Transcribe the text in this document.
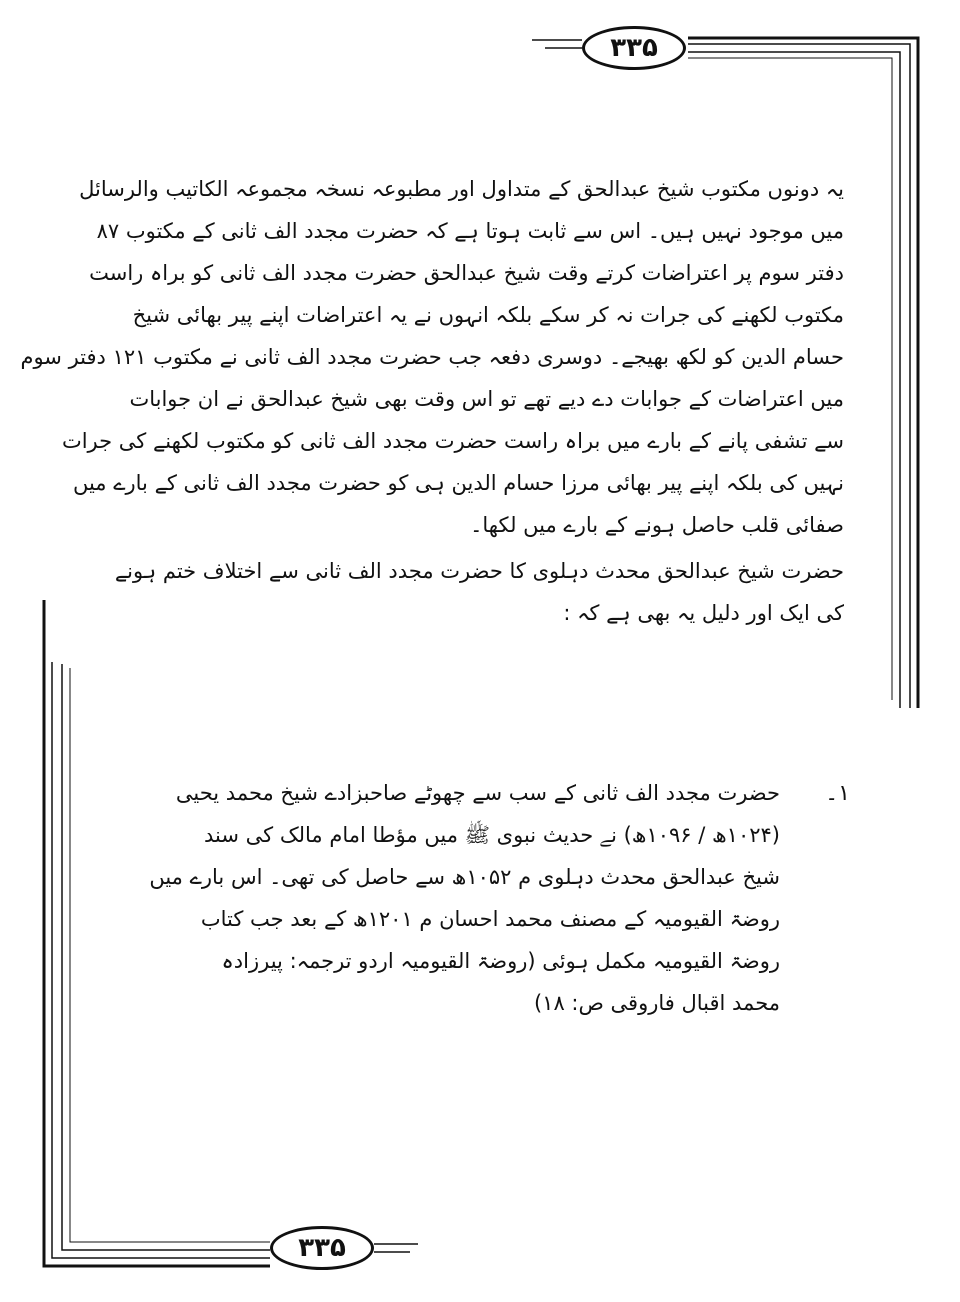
۳۳۵
یہ دونوں مکتوب شیخ عبدالحق کے متداول اور مطبوعہ نسخہ مجموعہ الکاتیب والرسائل
میں موجود نہیں ہیں۔ اس سے ثابت ہوتا ہے کہ حضرت مجدد الف ثانی کے مکتوب ۸۷
دفتر سوم پر اعتراضات کرتے وقت شیخ عبدالحق حضرت مجدد الف ثانی کو براہ راست
مکتوب لکھنے کی جرات نہ کر سکے بلکہ انہوں نے یہ اعتراضات اپنے پیر بھائی شیخ
حسام الدین کو لکھ بھیجے۔ دوسری دفعہ جب حضرت مجدد الف ثانی نے مکتوب ۱۲۱ دفتر سوم
میں اعتراضات کے جوابات دے دیے تھے تو اس وقت بھی شیخ عبدالحق نے ان جوابات
سے تشفی پانے کے بارے میں براہ راست حضرت مجدد الف ثانی کو مکتوب لکھنے کی جرات
نہیں کی بلکہ اپنے پیر بھائی مرزا حسام الدین ہی کو حضرت مجدد الف ثانی کے بارے میں
صفائی قلب حاصل ہونے کے بارے میں لکھا۔
حضرت شیخ عبدالحق محدث دہلوی کا حضرت مجدد الف ثانی سے اختلاف ختم ہونے
کی ایک اور دلیل یہ بھی ہے کہ :
۱۔
حضرت مجدد الف ثانی کے سب سے چھوٹے صاحبزادے شیخ محمد یحیی
(۱۰۲۴ھ / ۱۰۹۶ھ) نے حدیث نبوی ﷺ میں مؤطا امام مالک کی سند
شیخ عبدالحق محدث دہلوی م ۱۰۵۲ھ سے حاصل کی تھی۔ اس بارے میں
روضۃ القیومیہ کے مصنف محمد احسان م ۱۲۰۱ھ کے بعد جب کتاب
روضۃ القیومیہ مکمل ہوئی (روضۃ القیومیہ اردو ترجمہ: پیرزادہ
محمد اقبال فاروقی ص: ۱۸)
۳۳۵
